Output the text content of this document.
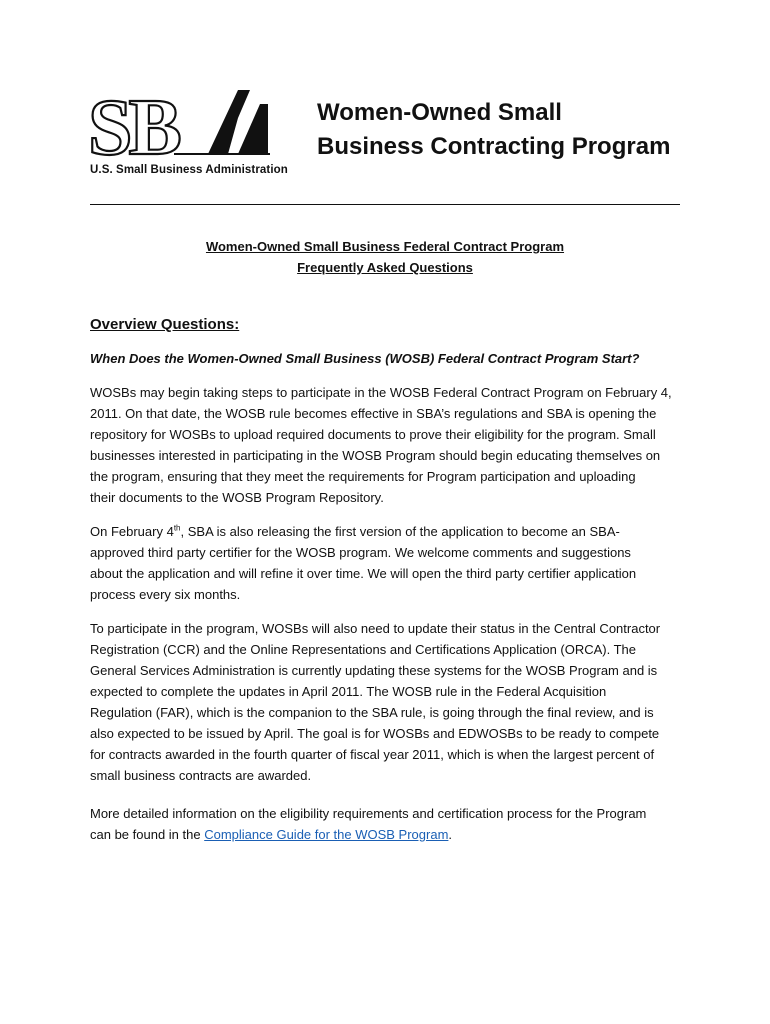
SB
U.S. Small Business Administration
Women-Owned Small
Business Contracting Program
Women-Owned Small Business Federal Contract Program
Frequently Asked Questions
Overview Questions:
When Does the Women-Owned Small Business (WOSB) Federal Contract Program Start?
WOSBs may begin taking steps to participate in the WOSB Federal Contract Program on February 4,
2011. On that date, the WOSB rule becomes effective in SBA’s regulations and SBA is opening the
repository for WOSBs to upload required documents to prove their eligibility for the program. Small
businesses interested in participating in the WOSB Program should begin educating themselves on
the program, ensuring that they meet the requirements for Program participation and uploading
their documents to the WOSB Program Repository.
On February 4th, SBA is also releasing the first version of the application to become an SBA-
approved third party certifier for the WOSB program. We welcome comments and suggestions
about the application and will refine it over time. We will open the third party certifier application
process every six months.
To participate in the program, WOSBs will also need to update their status in the Central Contractor
Registration (CCR) and the Online Representations and Certifications Application (ORCA). The
General Services Administration is currently updating these systems for the WOSB Program and is
expected to complete the updates in April 2011. The WOSB rule in the Federal Acquisition
Regulation (FAR), which is the companion to the SBA rule, is going through the final review, and is
also expected to be issued by April. The goal is for WOSBs and EDWOSBs to be ready to compete
for contracts awarded in the fourth quarter of fiscal year 2011, which is when the largest percent of
small business contracts are awarded.
More detailed information on the eligibility requirements and certification process for the Program
can be found in the Compliance Guide for the WOSB Program.
